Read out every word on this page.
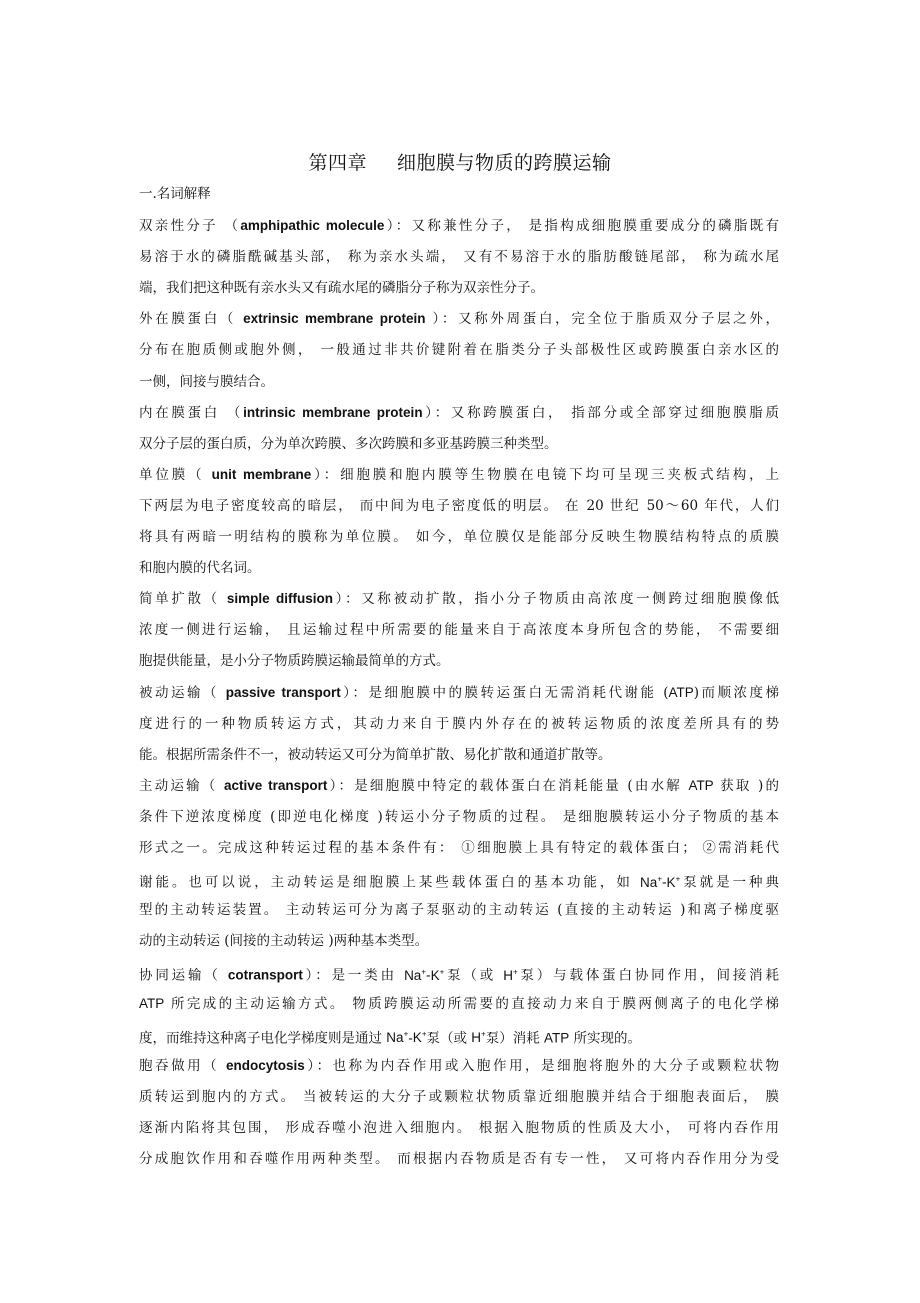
第四章 细胞膜与物质的跨膜运输
一.名词解释
双亲性分子 （amphipathic molecule）：又称兼性分子， 是指构成细胞膜重要成分的磷脂既有
易溶于水的磷脂酰碱基头部， 称为亲水头端， 又有不易溶于水的脂肪酸链尾部， 称为疏水尾
端，我们把这种既有亲水头又有疏水尾的磷脂分子称为双亲性分子。
外在膜蛋白（ extrinsic membrane protein ）：又称外周蛋白，完全位于脂质双分子层之外，
分布在胞质侧或胞外侧， 一般通过非共价键附着在脂类分子头部极性区或跨膜蛋白亲水区的
一侧，间接与膜结合。
内在膜蛋白 （intrinsic membrane protein）：又称跨膜蛋白， 指部分或全部穿过细胞膜脂质
双分子层的蛋白质，分为单次跨膜、多次跨膜和多亚基跨膜三种类型。
单位膜（ unit membrane）：细胞膜和胞内膜等生物膜在电镜下均可呈现三夹板式结构，上
下两层为电子密度较高的暗层， 而中间为电子密度低的明层。 在 20 世纪 50～60 年代，人们
将具有两暗一明结构的膜称为单位膜。 如今，单位膜仅是能部分反映生物膜结构特点的质膜
和胞内膜的代名词。
简单扩散（ simple diffusion）：又称被动扩散，指小分子物质由高浓度一侧跨过细胞膜像低
浓度一侧进行运输， 且运输过程中所需要的能量来自于高浓度本身所包含的势能， 不需要细
胞提供能量，是小分子物质跨膜运输最简单的方式。
被动运输（ passive transport）：是细胞膜中的膜转运蛋白无需消耗代谢能 (ATP)而顺浓度梯
度进行的一种物质转运方式，其动力来自于膜内外存在的被转运物质的浓度差所具有的势
能。根据所需条件不一，被动转运又可分为简单扩散、易化扩散和通道扩散等。
主动运输（ active transport）：是细胞膜中特定的载体蛋白在消耗能量 (由水解 ATP 获取 )的
条件下逆浓度梯度 (即逆电化梯度 )转运小分子物质的过程。 是细胞膜转运小分子物质的基本
形式之一。完成这种转运过程的基本条件有： ①细胞膜上具有特定的载体蛋白； ②需消耗代
谢能。也可以说，主动转运是细胞膜上某些载体蛋白的基本功能，如 Na+-K+泵就是一种典
型的主动转运装置。 主动转运可分为离子泵驱动的主动转运 (直接的主动转运 )和离子梯度驱
动的主动转运 (间接的主动转运 )两种基本类型。
协同运输（ cotransport）：是一类由 Na+-K+泵（或 H+泵）与载体蛋白协同作用，间接消耗
ATP 所完成的主动运输方式。 物质跨膜运动所需要的直接动力来自于膜两侧离子的电化学梯
度，而维持这种离子电化学梯度则是通过 Na+-K+泵（或 H+泵）消耗 ATP 所实现的。
胞吞做用（ endocytosis）：也称为内吞作用或入胞作用，是细胞将胞外的大分子或颗粒状物
质转运到胞内的方式。 当被转运的大分子或颗粒状物质靠近细胞膜并结合于细胞表面后， 膜
逐渐内陷将其包围， 形成吞噬小泡进入细胞内。 根据入胞物质的性质及大小， 可将内吞作用
分成胞饮作用和吞噬作用两种类型。 而根据内吞物质是否有专一性， 又可将内吞作用分为受
